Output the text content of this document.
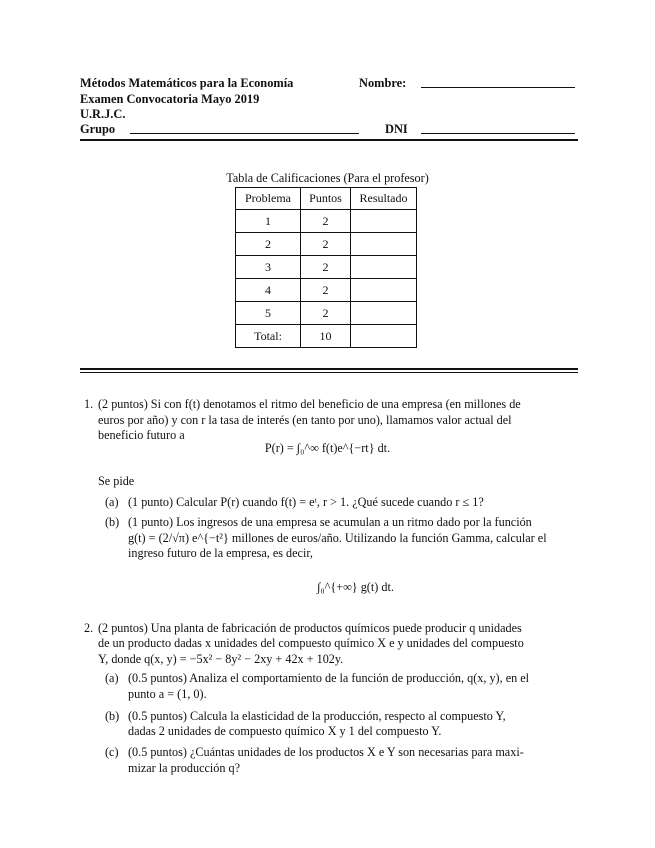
Métodos Matemáticos para la Economía
Examen Convocatoria Mayo 2019
U.R.J.C.
Grupo
Nombre:
DNI
Tabla de Calificaciones (Para el profesor)
Problema	Puntos	Resultado
1	2	
2	2	
3	2	
4	2	
5	2	
Total:	10	
1. (2 puntos) Si con f(t) denotamos el ritmo del beneficio de una empresa (en millones de
euros por año) y con r la tasa de interés (en tanto por uno), llamamos valor actual del
beneficio futuro a
P(r) = ∫₀^∞ f(t)e^{−rt} dt.
Se pide
(a) (1 punto) Calcular P(r) cuando f(t) = eᵗ, r > 1. ¿Qué sucede cuando r ≤ 1?
(b) (1 punto) Los ingresos de una empresa se acumulan a un ritmo dado por la función
g(t) = (2/√π) e^{−t²} millones de euros/año. Utilizando la función Gamma, calcular el
ingreso futuro de la empresa, es decir,
∫₀^{+∞} g(t) dt.
2. (2 puntos) Una planta de fabricación de productos químicos puede producir q unidades
de un producto dadas x unidades del compuesto químico X e y unidades del compuesto
Y, donde q(x, y) = −5x² − 8y² − 2xy + 42x + 102y.
(a) (0.5 puntos) Analiza el comportamiento de la función de producción, q(x, y), en el
punto a = (1, 0).
(b) (0.5 puntos) Calcula la elasticidad de la producción, respecto al compuesto Y,
dadas 2 unidades de compuesto químico X y 1 del compuesto Y.
(c) (0.5 puntos) ¿Cuántas unidades de los productos X e Y son necesarias para maxi-
mizar la producción q?
